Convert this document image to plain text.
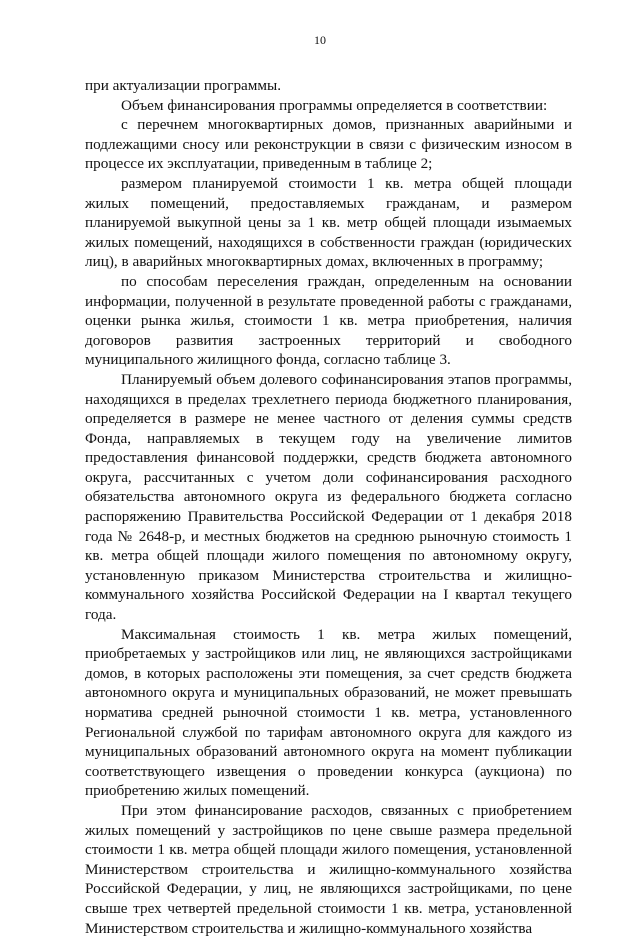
10

при актуализации программы.

Объем финансирования программы определяется в соответствии:

с перечнем многоквартирных домов, признанных аварийными и подлежащими сносу или реконструкции в связи с физическим износом в процессе их эксплуатации, приведенным в таблице 2;

размером планируемой стоимости 1 кв. метра общей площади жилых помещений, предоставляемых гражданам, и размером планируемой выкупной цены за 1 кв. метр общей площади изымаемых жилых помещений, находящихся в собственности граждан (юридических лиц), в аварийных многоквартирных домах, включенных в программу;

по способам переселения граждан, определенным на основании информации, полученной в результате проведенной работы с гражданами, оценки рынка жилья, стоимости 1 кв. метра приобретения, наличия договоров развития застроенных территорий и свободного муниципального жилищного фонда, согласно таблице 3.

Планируемый объем долевого софинансирования этапов программы, находящихся в пределах трехлетнего периода бюджетного планирования, определяется в размере не менее частного от деления суммы средств Фонда, направляемых в текущем году на увеличение лимитов предоставления финансовой поддержки, средств бюджета автономного округа, рассчитанных с учетом доли софинансирования расходного обязательства автономного округа из федерального бюджета согласно распоряжению Правительства Российской Федерации от 1 декабря 2018 года № 2648-р, и местных бюджетов на среднюю рыночную стоимость 1 кв. метра общей площади жилого помещения по автономному округу, установленную приказом Министерства строительства и жилищно-коммунального хозяйства Российской Федерации на I квартал текущего года.

Максимальная стоимость 1 кв. метра жилых помещений, приобретаемых у застройщиков или лиц, не являющихся застройщиками домов, в которых расположены эти помещения, за счет средств бюджета автономного округа и муниципальных образований, не может превышать норматива средней рыночной стоимости 1 кв. метра, установленного Региональной службой по тарифам автономного округа для каждого из муниципальных образований автономного округа на момент публикации соответствующего извещения о проведении конкурса (аукциона) по приобретению жилых помещений.

При этом финансирование расходов, связанных с приобретением жилых помещений у застройщиков по цене свыше размера предельной стоимости 1 кв. метра общей площади жилого помещения, установленной Министерством строительства и жилищно-коммунального хозяйства Российской Федерации, у лиц, не являющихся застройщиками, по цене свыше трех четвертей предельной стоимости 1 кв. метра, установленной Министерством строительства и жилищно-коммунального хозяйства
